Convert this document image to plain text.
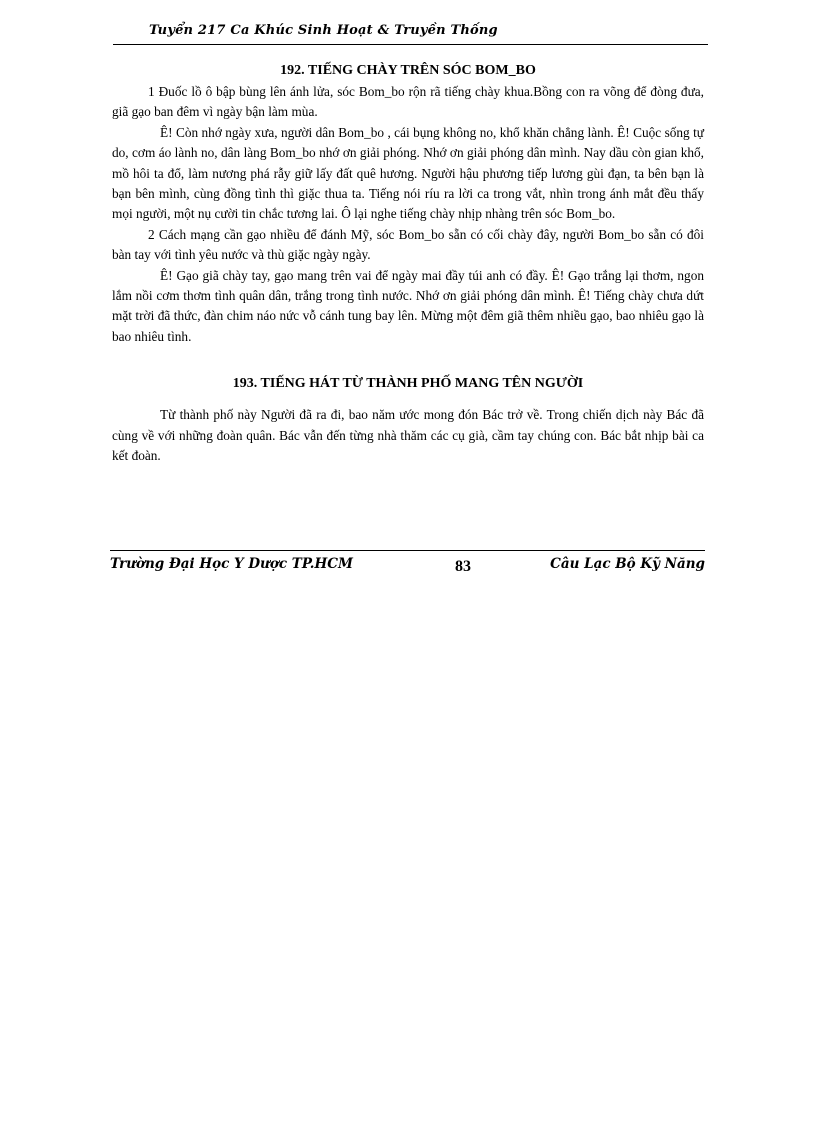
Tuyển 217 Ca Khúc Sinh Hoạt & Truyền Thống
192. TIẾNG CHÀY TRÊN SÓC BOM_BO

1 Đuốc lồ ô bập bùng lên ánh lửa, sóc Bom_bo rộn rã tiếng chày khua.Bồng con ra võng để đòng đưa, giã gạo ban đêm vì ngày bận làm mùa.

Ê! Còn nhớ ngày xưa, người dân Bom_bo , cái bụng không no, khổ khăn chẳng lành. Ê! Cuộc sống tự do, cơm áo lành no, dân làng Bom_bo nhớ ơn giải phóng. Nhớ ơn giải phóng dân mình. Nay dầu còn gian khổ, mồ hôi ta đổ, làm nương phá rẫy giữ lấy đất quê hương. Người hậu phương tiếp lương gùi đạn, ta bên bạn là bạn bên mình, cùng đồng tình thì giặc thua ta. Tiếng nói ríu ra lời ca trong vắt, nhìn trong ánh mắt đều thấy mọi người, một nụ cười tin chắc tương lai. Ô lại nghe tiếng chày nhịp nhàng trên sóc Bom_bo.

2 Cách mạng cần gạo nhiều để đánh Mỹ, sóc Bom_bo sẵn có cối chày đây, người Bom_bo sẵn có đôi bàn tay với tình yêu nước và thù giặc ngày ngày.

Ê! Gạo giã chày tay, gạo mang trên vai để ngày mai đầy túi anh có đầy. Ê! Gạo trắng lại thơm, ngon lắm nồi cơm thơm tình quân dân, trắng trong tình nước. Nhớ ơn giải phóng dân mình. Ê! Tiếng chày chưa dứt mặt trời đã thức, đàn chim náo nức vỗ cánh tung bay lên. Mừng một đêm giã thêm nhiều gạo, bao nhiêu gạo là bao nhiêu tình.

193. TIẾNG HÁT TỪ THÀNH PHỐ MANG TÊN NGƯỜI

Từ thành phố này Người đã ra đi, bao năm ước mong đón Bác trở về. Trong chiến dịch này Bác đã cùng về với những đoàn quân. Bác vẫn đến từng nhà thăm các cụ già, cầm tay chúng con. Bác bắt nhịp bài ca kết đoàn.

Trường Đại Học Y Dược TP.HCM	83	Câu Lạc Bộ Kỹ Năng
